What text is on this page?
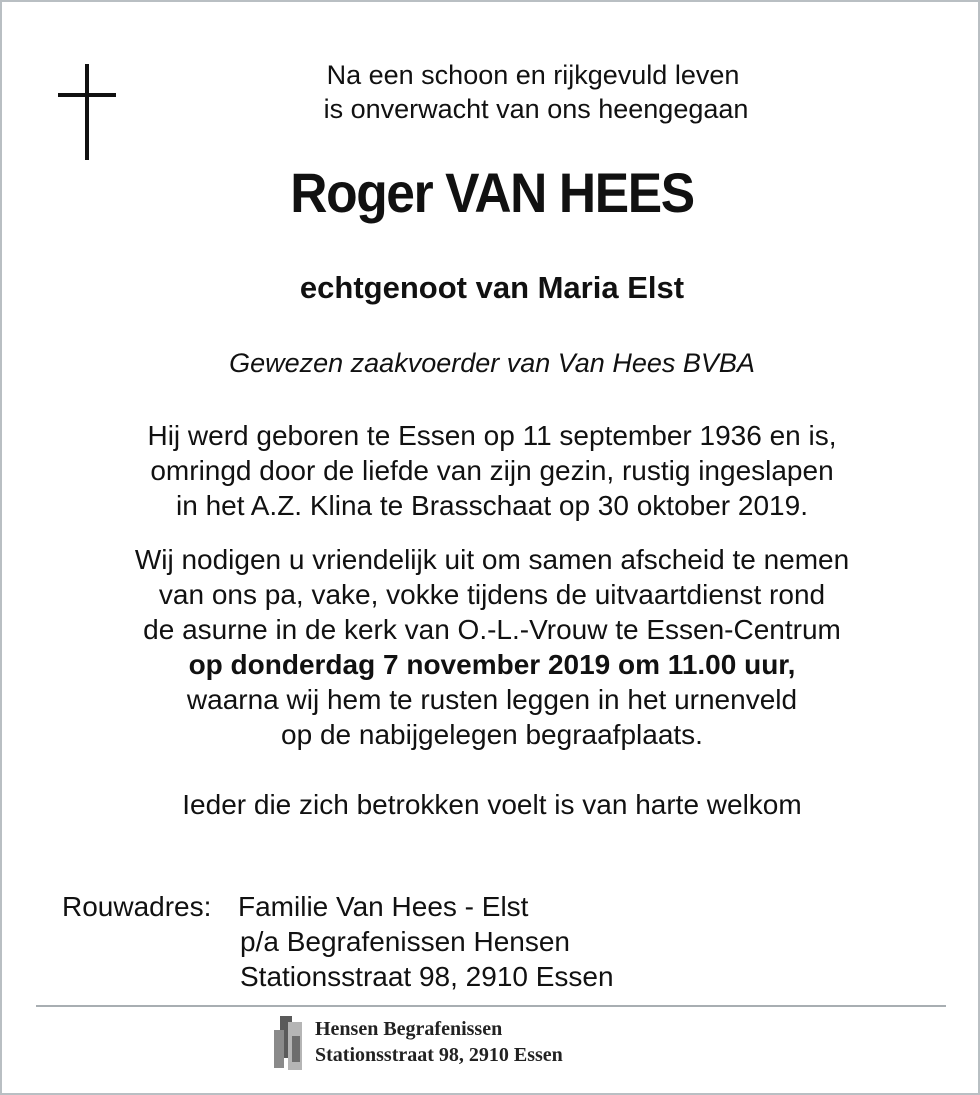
Na een schoon en rijkgevuld leven
is onverwacht van ons heengegaan
Roger VAN HEES
echtgenoot van Maria Elst
Gewezen zaakvoerder van Van Hees BVBA
Hij werd geboren te Essen op 11 september 1936 en is,
omringd door de liefde van zijn gezin, rustig ingeslapen
in het A.Z. Klina te Brasschaat op 30 oktober 2019.
Wij nodigen u vriendelijk uit om samen afscheid te nemen
van ons pa, vake, vokke tijdens de uitvaartdienst rond
de asurne in de kerk van O.-L.-Vrouw te Essen-Centrum
op donderdag 7 november 2019 om 11.00 uur,
waarna wij hem te rusten leggen in het urnenveld
op de nabijgelegen begraafplaats.
Ieder die zich betrokken voelt is van harte welkom
Rouwadres: Familie Van Hees - Elst
p/a Begrafenissen Hensen
Stationsstraat 98, 2910 Essen
Hensen Begrafenissen
Stationsstraat 98, 2910 Essen
